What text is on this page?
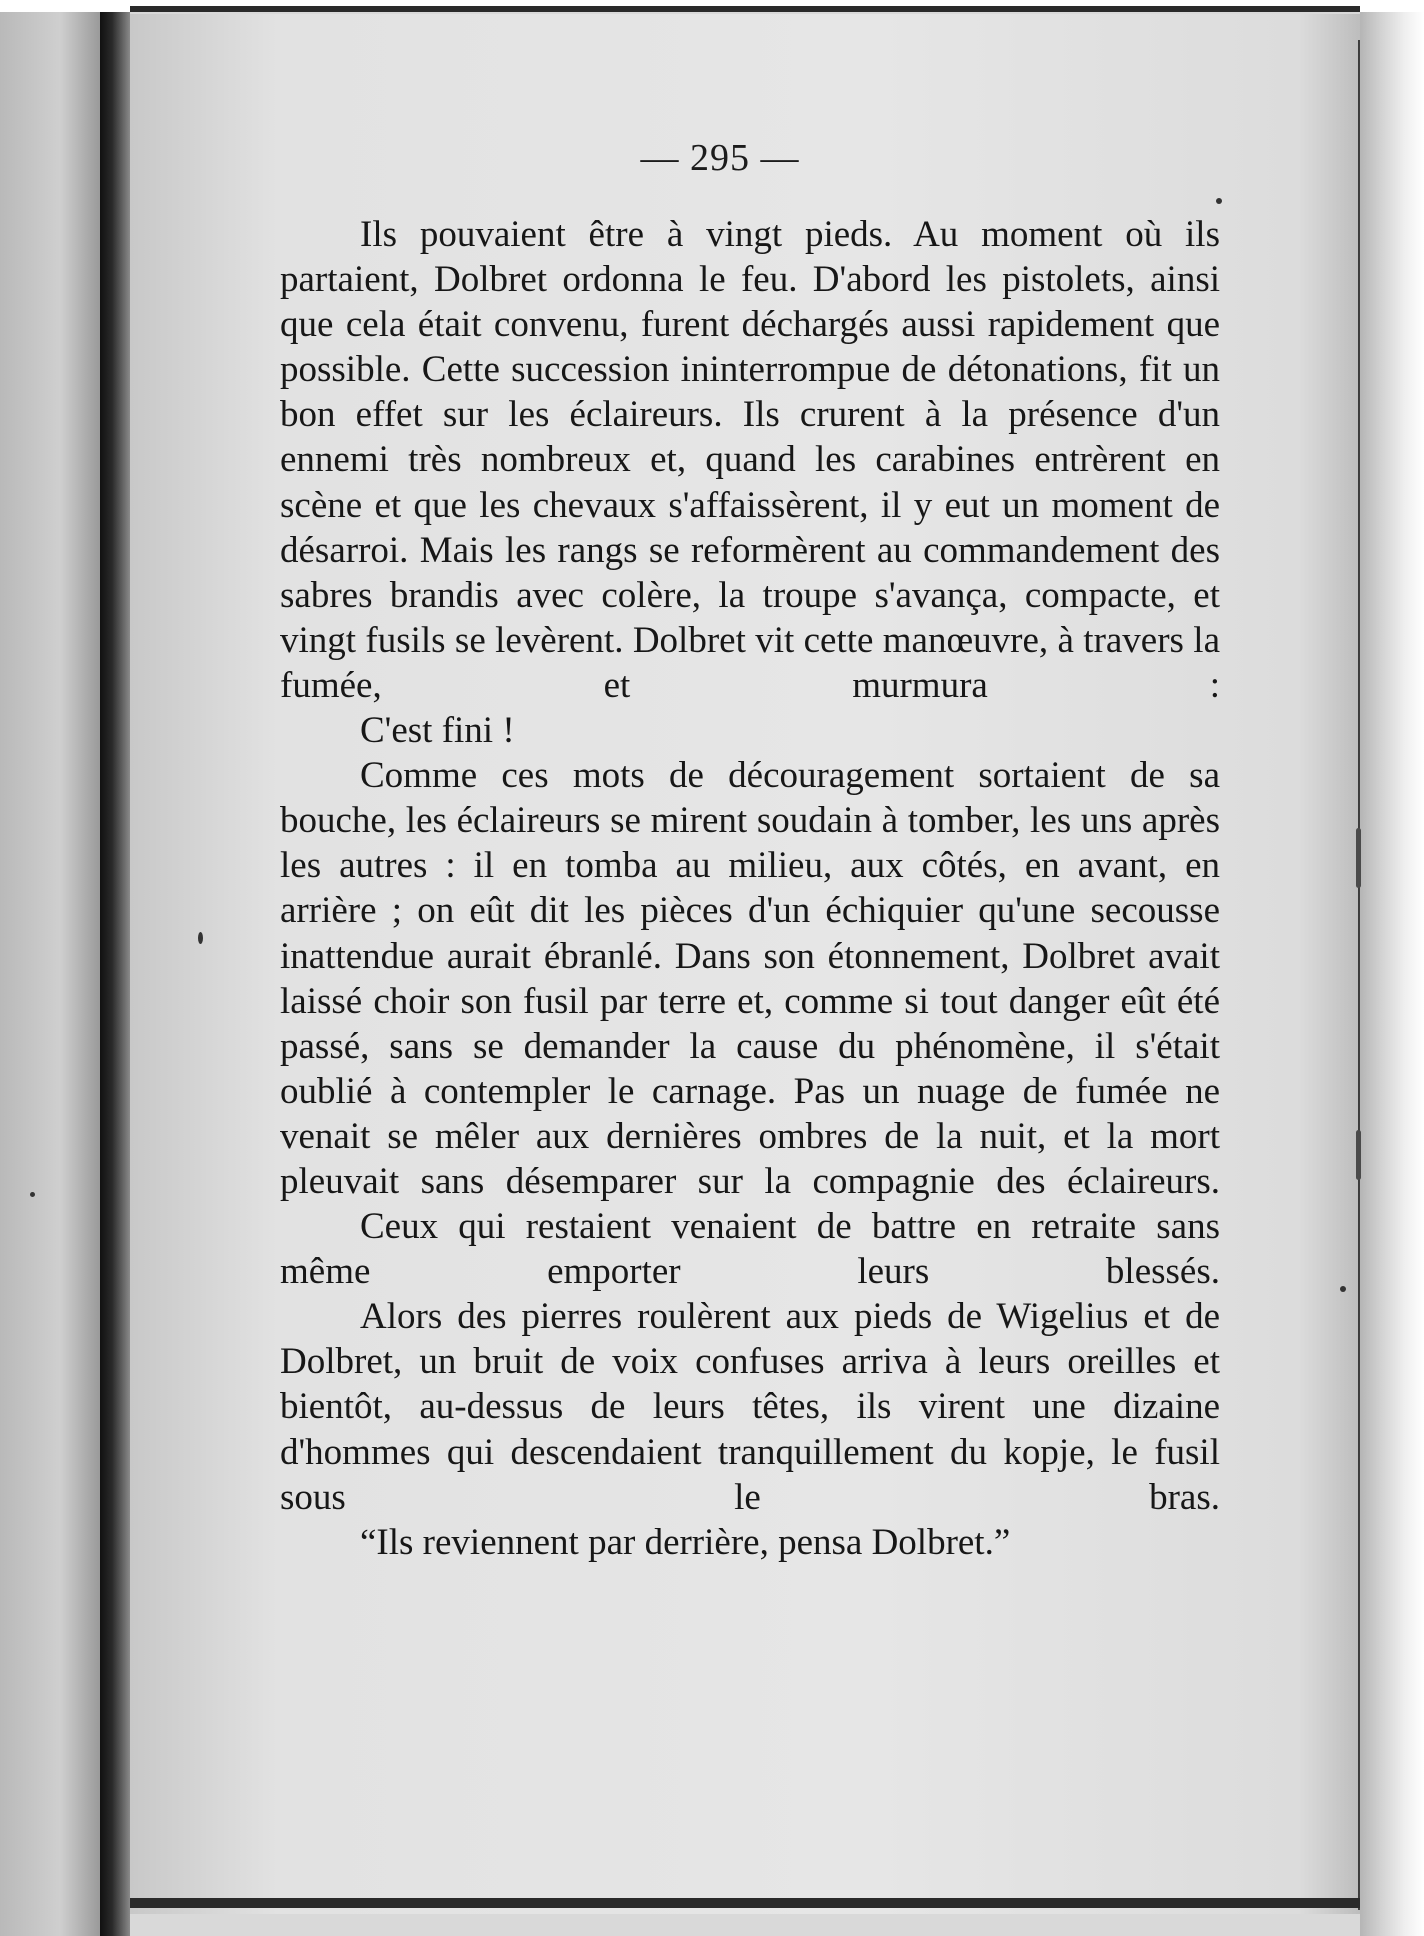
— 295 —

Ils pouvaient être à vingt pieds. Au moment où ils partaient, Dolbret ordonna le feu. D'abord les pistolets, ainsi que cela était convenu, furent déchargés aussi rapidement que possible. Cette succession ininterrompue de détonations, fit un bon effet sur les éclaireurs. Ils crurent à la présence d'un ennemi très nombreux et, quand les carabines entrèrent en scène et que les chevaux s'affaissèrent, il y eut un moment de désarroi. Mais les rangs se reformèrent au commandement des sabres brandis avec colère, la troupe s'avança, compacte, et vingt fusils se levèrent. Dolbret vit cette manœuvre, à travers la fumée, et murmura :

C'est fini !

Comme ces mots de découragement sortaient de sa bouche, les éclaireurs se mirent soudain à tomber, les uns après les autres : il en tomba au milieu, aux côtés, en avant, en arrière ; on eût dit les pièces d'un échiquier qu'une secousse inattendue aurait ébranlé. Dans son étonnement, Dolbret avait laissé choir son fusil par terre et, comme si tout danger eût été passé, sans se demander la cause du phénomène, il s'était oublié à contempler le carnage. Pas un nuage de fumée ne venait se mêler aux dernières ombres de la nuit, et la mort pleuvait sans désemparer sur la compagnie des éclaireurs.

Ceux qui restaient venaient de battre en retraite sans même emporter leurs blessés.

Alors des pierres roulèrent aux pieds de Wigelius et de Dolbret, un bruit de voix confuses arriva à leurs oreilles et bientôt, au-dessus de leurs têtes, ils virent une dizaine d'hommes qui descendaient tranquillement du kopje, le fusil sous le bras.

“Ils reviennent par derrière, pensa Dolbret.”
